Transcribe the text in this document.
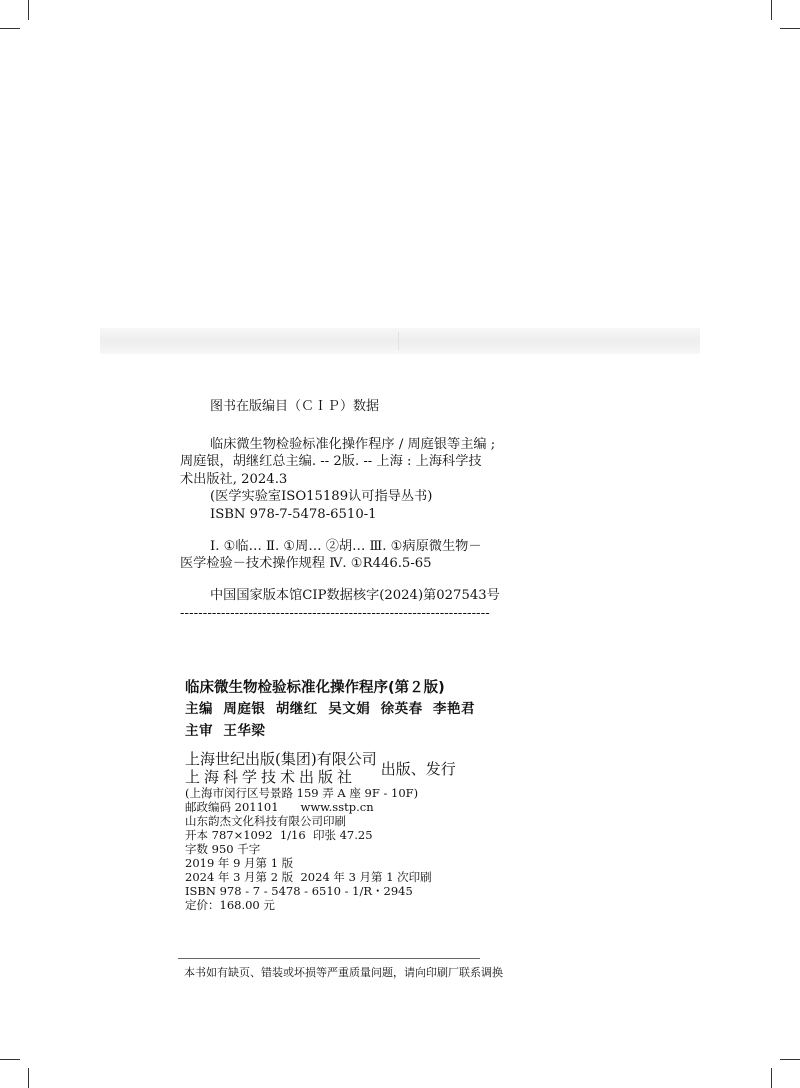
图书在版编目（ＣＩＰ）数据
临床微生物检验标准化操作程序 / 周庭银等主编 ;
周庭银，胡继红总主编. -- 2版. -- 上海 : 上海科学技
术出版社, 2024.3
(医学实验室ISO15189认可指导丛书)
ISBN 978-7-5478-6510-1
Ⅰ. ①临… Ⅱ. ①周… ②胡… Ⅲ. ①病原微生物－
医学检验－技术操作规程 Ⅳ. ①R446.5-65
中国国家版本馆CIP数据核字(2024)第027543号
--------------------------------------------------------------------
临床微生物检验标准化操作程序(第２版)
主编  周庭银  胡继红  吴文娟  徐英春  李艳君
主审  王华梁
上海世纪出版(集团)有限公司
上海科学技术出版社	出版、发行
(上海市闵行区号景路 159 弄 A 座 9F - 10F)
邮政编码 201101      www.sstp.cn
山东韵杰文化科技有限公司印刷
开本 787×1092  1/16  印张 47.25
字数 950 千字
2019 年 9 月第 1 版
2024 年 3 月第 2 版  2024 年 3 月第 1 次印刷
ISBN 978 - 7 - 5478 - 6510 - 1/R・2945
定价：168.00 元
本书如有缺页、错装或坏损等严重质量问题，请向印刷厂联系调换
